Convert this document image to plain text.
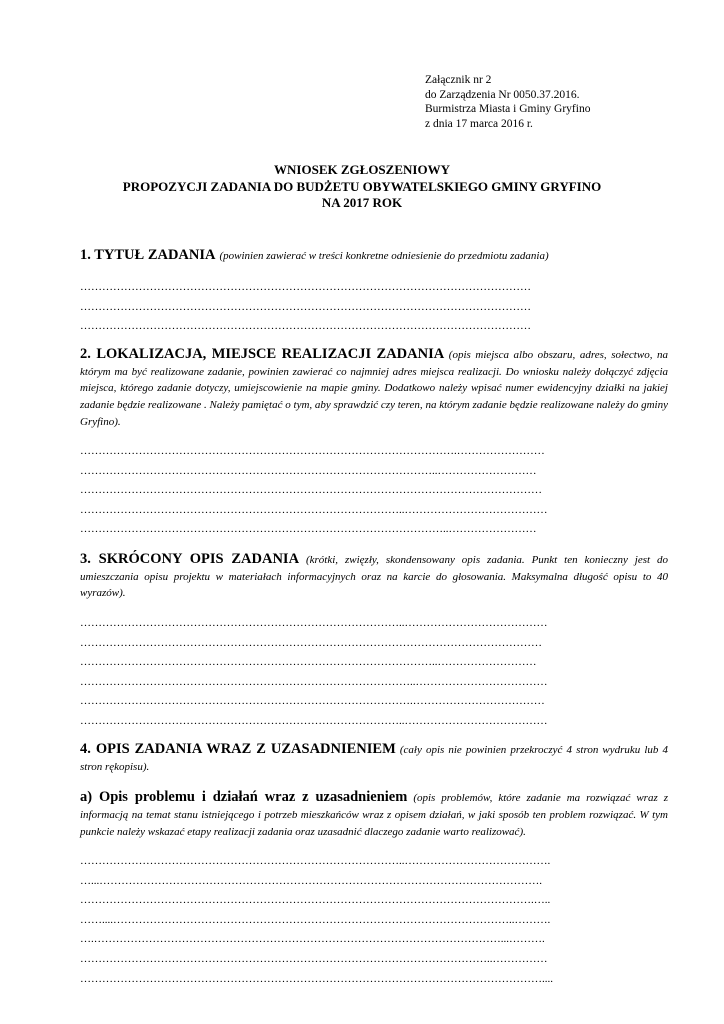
Załącznik nr 2
do Zarządzenia Nr 0050.37.2016.
Burmistrza Miasta i Gminy Gryfino
z dnia 17 marca 2016 r.
WNIOSEK ZGŁOSZENIOWY
PROPOZYCJI ZADANIA DO BUDŻETU OBYWATELSKIEGO GMINY GRYFINO
NA 2017 ROK
1. TYTUŁ ZADANIA (powinien zawierać w treści konkretne odniesienie do przedmiotu zadania)
……………………………………………………………………………………………………………
……………………………………………………………………………………………………………
……………………………………………………………………………………………………………
2. LOKALIZACJA, MIEJSCE REALIZACJI ZADANIA (opis miejsca albo obszaru, adres, sołectwo, na którym ma być realizowane zadanie, powinien zawierać co najmniej adres miejsca realizacji. Do wniosku należy dołączyć zdjęcia miejsca, którego zadanie dotyczy, umiejscowienie na mapie gminy. Dodatkowo należy wpisać numer ewidencyjny działki na jakiej zadanie będzie realizowane . Należy pamiętać o tym, aby sprawdzić czy teren, na którym zadanie będzie realizowane należy do gminy Gryfino).
………………………………………………………………………………………….……………………
……………………………………………………………………………………..………………………
………………………………………………………………………………………………………………
……………………………………………………………………………..…………………………………
………………………………………………………………………………………..……………………
3. SKRÓCONY OPIS ZADANIA (krótki, zwięzły, skondensowany opis zadania. Punkt ten konieczny jest do umieszczania opisu projektu w materiałach informacyjnych oraz na karcie do głosowania. Maksymalna długość opisu to 40 wyrazów).
……………………………………………………………………………..…………………………………
………………………………………………………………………………………………………………
……………………………………………………………………………………..………………………
………………………………………………………………………………..………………………………
……………………………………………………………………………….………………………………
……………………………………………………………………………..…………………………………
4. OPIS ZADANIA WRAZ Z UZASADNIENIEM (cały opis nie powinien przekroczyć 4 stron wydruku lub 4 stron rękopisu).
a) Opis problemu i działań wraz z uzasadnieniem (opis problemów, które zadanie ma rozwiązać wraz z informacją na temat stanu istniejącego i potrzeb mieszkańców wraz z opisem działań, w jaki sposób ten problem rozwiązać. W tym punkcie należy wskazać etapy realizacji zadania oraz uzasadnić dlaczego zadanie warto realizować).
……………………………………………………………………………..………………………………….
…...………………………………………………………………………………………………………….
…………………………………………………………………………………………………………….…..
……....………………………………………………………………………………………………..……….
….…………………………………………………………………………………………………...……….
…………………………………………………………………………………………………..……………
………………………………………………………………………………………………………………....
